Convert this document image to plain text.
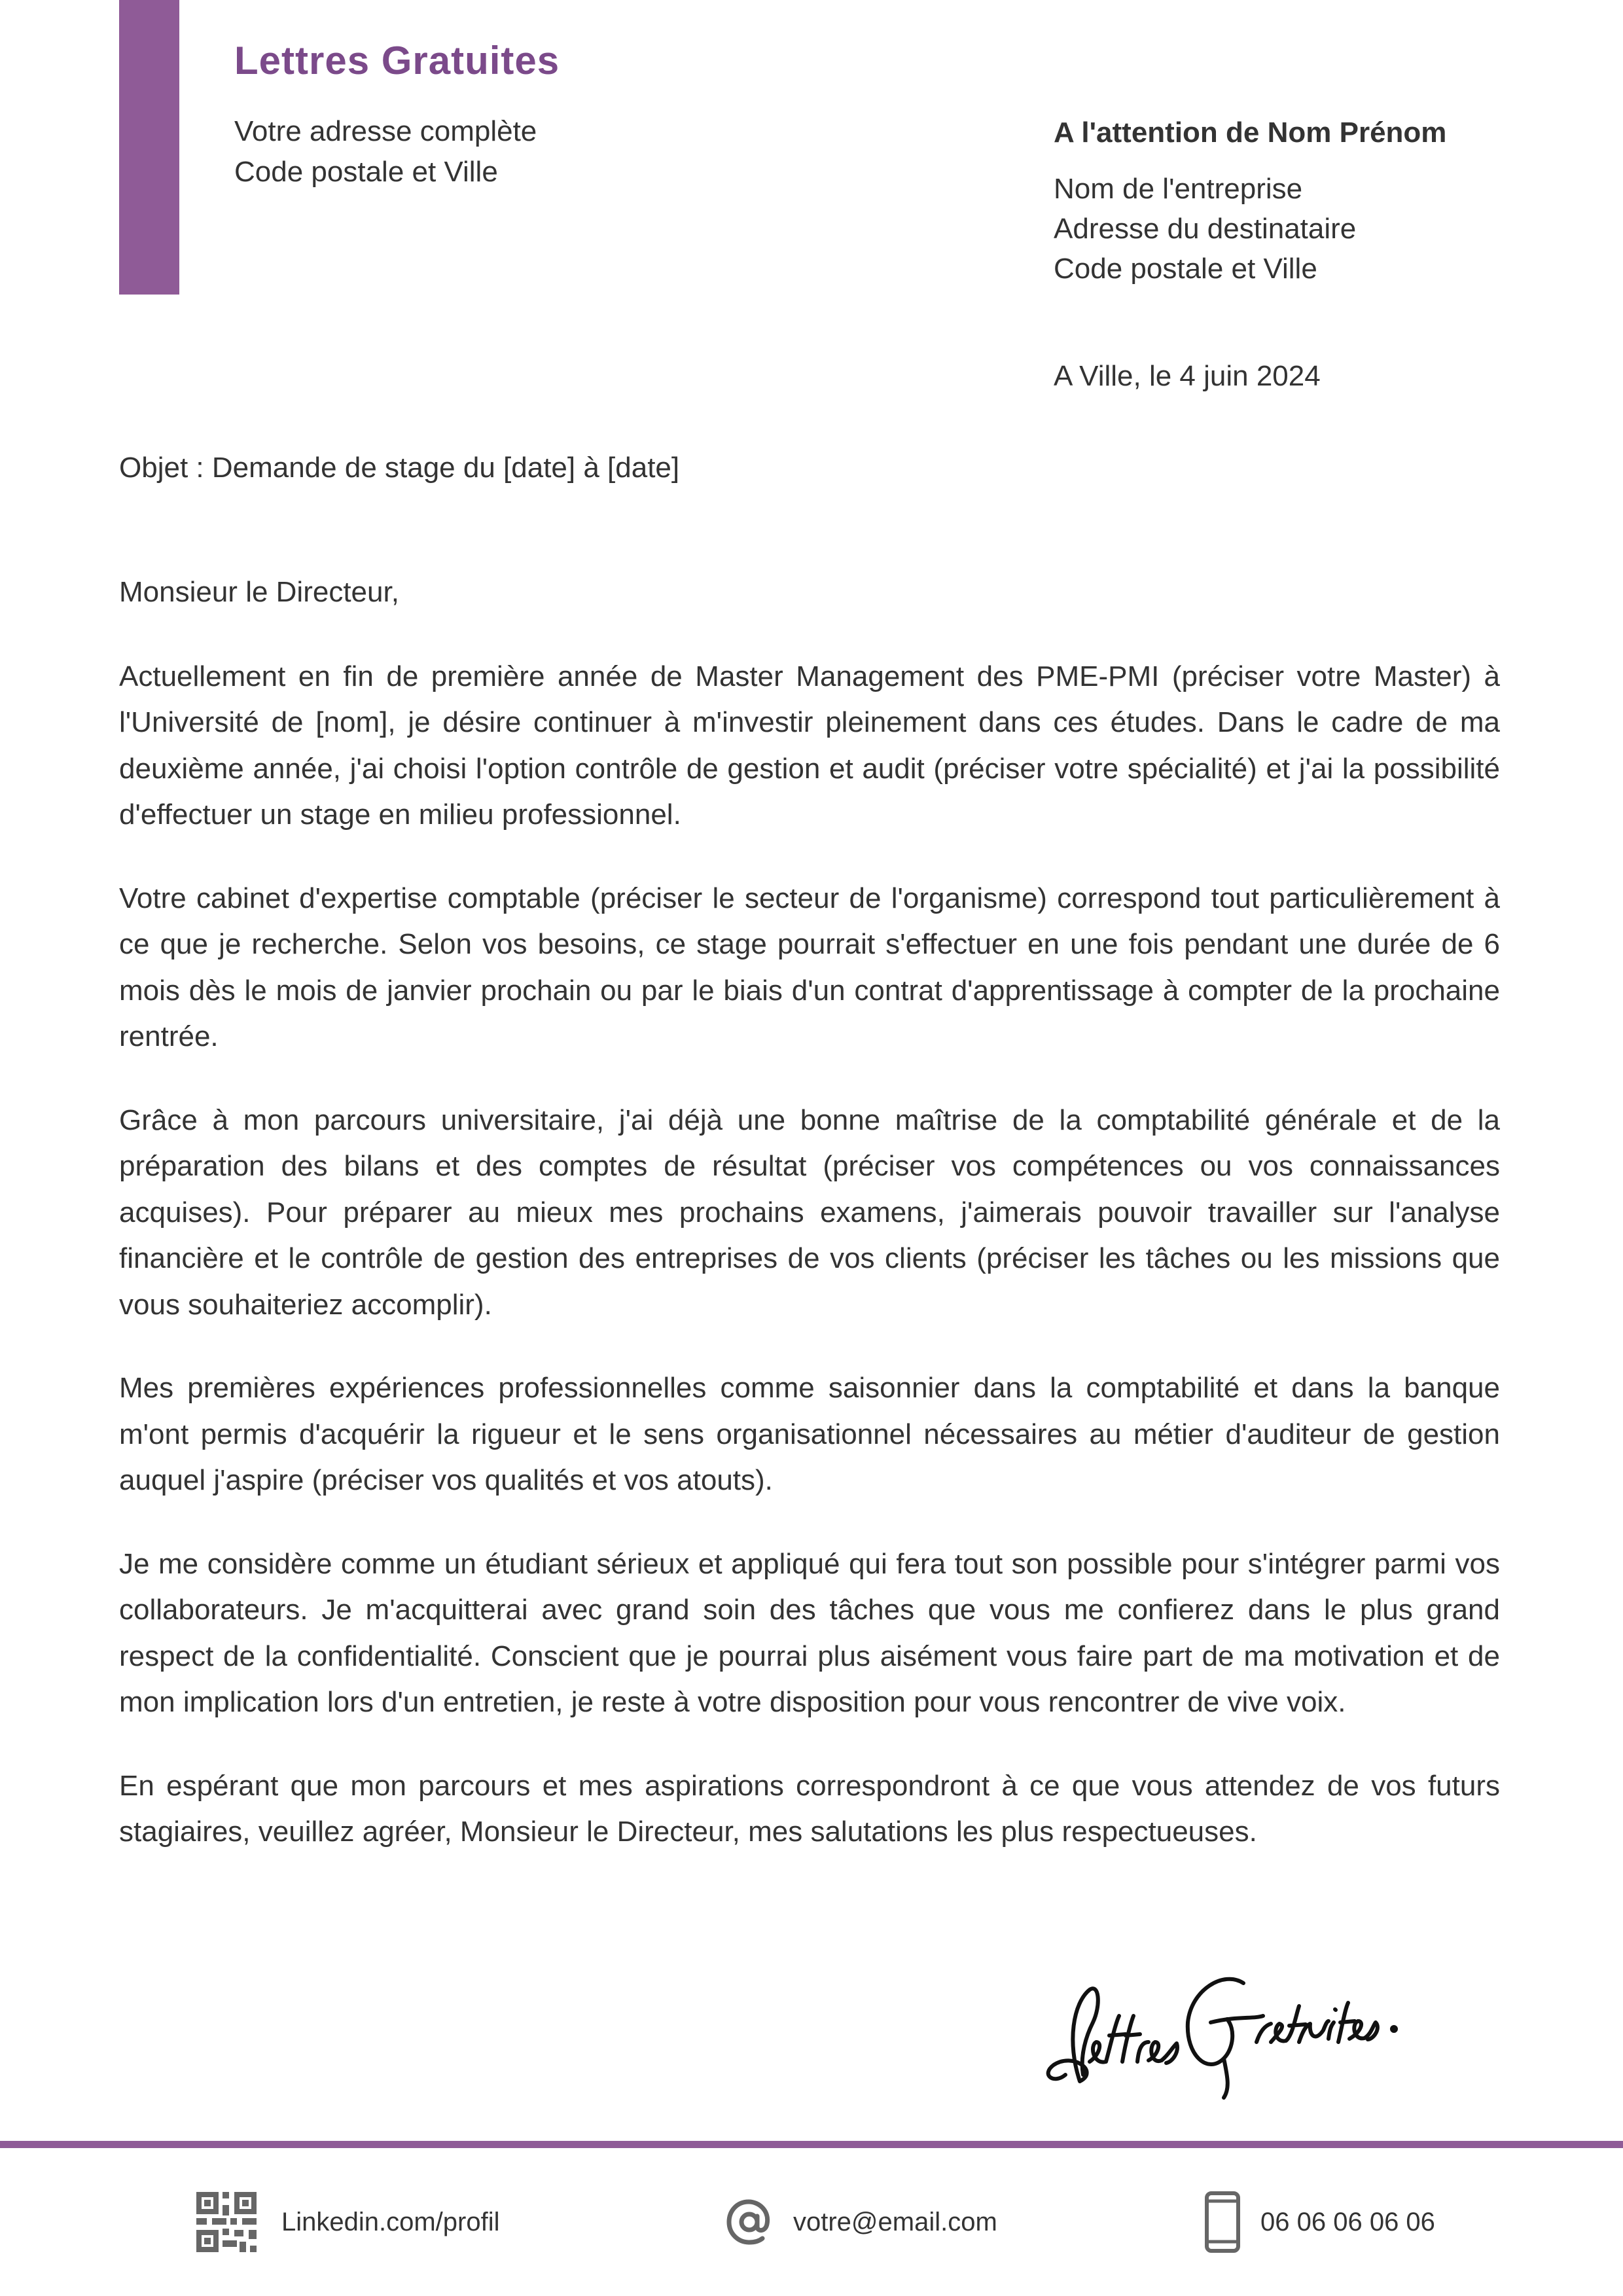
Lettres Gratuites
Votre adresse complète
Code postale et Ville
A l'attention de Nom Prénom
Nom de l'entreprise
Adresse du destinataire
Code postale et Ville
A Ville, le 4 juin 2024
Objet : Demande de stage du [date] à [date]

Monsieur le Directeur,

Actuellement en fin de première année de Master Management des PME-PMI (préciser votre Master) à l'Université de [nom], je désire continuer à m'investir pleinement dans ces études. Dans le cadre de ma deuxième année, j'ai choisi l'option contrôle de gestion et audit (préciser votre spécialité) et j'ai la possibilité d'effectuer un stage en milieu professionnel.

Votre cabinet d'expertise comptable (préciser le secteur de l'organisme) correspond tout particulièrement à ce que je recherche. Selon vos besoins, ce stage pourrait s'effectuer en une fois pendant une durée de 6 mois dès le mois de janvier prochain ou par le biais d'un contrat d'apprentissage à compter de la prochaine rentrée.

Grâce à mon parcours universitaire, j'ai déjà une bonne maîtrise de la comptabilité générale et de la préparation des bilans et des comptes de résultat (préciser vos compétences ou vos connaissances acquises). Pour préparer au mieux mes prochains examens, j'aimerais pouvoir travailler sur l'analyse financière et le contrôle de gestion des entreprises de vos clients (préciser les tâches ou les missions que vous souhaiteriez accomplir).

Mes premières expériences professionnelles comme saisonnier dans la comptabilité et dans la banque m'ont permis d'acquérir la rigueur et le sens organisationnel nécessaires au métier d'auditeur de gestion auquel j'aspire (préciser vos qualités et vos atouts).

Je me considère comme un étudiant sérieux et appliqué qui fera tout son possible pour s'intégrer parmi vos collaborateurs. Je m'acquitterai avec grand soin des tâches que vous me confierez dans le plus grand respect de la confidentialité. Conscient que je pourrai plus aisément vous faire part de ma motivation et de mon implication lors d'un entretien, je reste à votre disposition pour vous rencontrer de vive voix.

En espérant que mon parcours et mes aspirations correspondront à ce que vous attendez de vos futurs stagiaires, veuillez agréer, Monsieur le Directeur, mes salutations les plus respectueuses.

Linkedin.com/profil	votre@email.com	06 06 06 06 06
